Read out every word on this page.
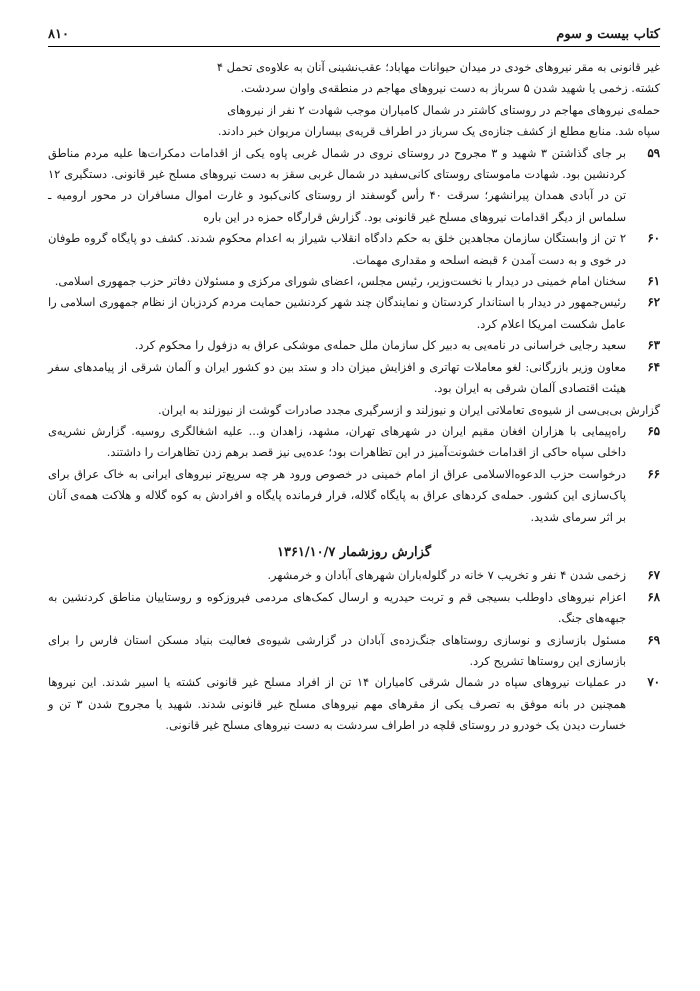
کتاب بیست و سوم
۸۱۰
غیر قانونی به مقر نیروهای خودی در میدان حیوانات مهاباد؛ عقب‌نشینی آنان به علاوه‌ی تحمل ۴
کشته. زخمی یا شهید شدن ۵ سرباز به دست نیروهای مهاجم در منطقه‌ی واوان سردشت.
حمله‌ی نیروهای مهاجم در روستای کاشتر در شمال کامیاران موجب شهادت ۲ نفر از نیروهای
سپاه شد. منابع مطلع از کشف جنازه‌ی یک سرباز در اطراف قریه‌ی بیساران مریوان خبر دادند.
۵۹
بر جای گذاشتن ۳ شهید و ۳ مجروح در روستای نروی در شمال غربی پاوه یکی از اقدامات دمکرات‌ها علیه مردم مناطق کردنشین بود. شهادت ماموستای روستای کانی‌سفید در شمال غربی سقز به دست نیروهای مسلح غیر قانونی. دستگیری ۱۲ تن در آبادی همدان پیرانشهر؛ سرقت ۴۰ رأس گوسفند از روستای کانی‌کبود و غارت اموال مسافران در محور ارومیه ـ سلماس از دیگر اقدامات نیروهای مسلح غیر قانونی بود. گزارش قرارگاه حمزه در این باره
۶۰
۲ تن از وابستگان سازمان مجاهدین خلق به حکم دادگاه انقلاب شیراز به اعدام محکوم شدند. کشف دو پایگاه گروه طوفان در خوی و به دست آمدن ۶ قبضه اسلحه و مقداری مهمات.
۶۱
سخنان امام خمینی در دیدار با نخست‌وزیر، رئیس مجلس، اعضای شورای مرکزی و مسئولان دفاتر حزب جمهوری اسلامی.
۶۲
رئیس‌جمهور در دیدار با استاندار کردستان و نمایندگان چند شهر کردنشین حمایت مردم کردزبان از نظام جمهوری اسلامی را عامل شکست امریکا اعلام کرد.
۶۳
سعید رجایی خراسانی در نامه‌یی به دبیر کل سازمان ملل حمله‌ی موشکی عراق به دزفول را محکوم کرد.
۶۴
معاون وزیر بازرگانی: لغو معاملات تهاتری و افزایش میزان داد و ستد بین دو کشور ایران و آلمان شرقی از پیامدهای سفر هیئت اقتصادی آلمان شرقی به ایران بود.
گزارش بی‌بی‌سی از شیوه‌ی تعاملاتی ایران و نیوزلند و ازسرگیری مجدد صادرات گوشت از نیوزلند به ایران.
۶۵
راه‌پیمایی با هزاران افغان مقیم ایران در شهرهای تهران، مشهد، زاهدان و... علیه اشغالگری روسیه. گزارش نشریه‌ی داخلی سپاه حاکی از اقدامات خشونت‌آمیز در این تظاهرات بود؛ عده‌یی نیز قصد برهم زدن تظاهرات را داشتند.
۶۶
درخواست حزب الدعوه‌الاسلامی عراق از امام خمینی در خصوص ورود هر چه سریع‌تر نیروهای ایرانی به خاک عراق برای پاک‌سازی این کشور. حمله‌ی کردهای عراق به پایگاه گلاله، فرار فرمانده پایگاه و افرادش به کوه گلاله و هلاکت همه‌ی آنان بر اثر سرمای شدید.
گزارش روزشمار ۱۳۶۱/۱۰/۷
۶۷
زخمی شدن ۴ نفر و تخریب ۷ خانه در گلوله‌باران شهرهای آبادان و خرمشهر.
۶۸
اعزام نیروهای داوطلب بسیجی قم و تربت حیدریه و ارسال کمک‌های مردمی فیروزکوه و روستاییان مناطق کردنشین به جبهه‌های جنگ.
۶۹
مسئول بازسازی و نوسازی روستاهای جنگ‌زده‌ی آبادان در گزارشی شیوه‌ی فعالیت بنیاد مسکن استان فارس را برای بازسازی این روستاها تشریح کرد.
۷۰
در عملیات نیروهای سپاه در شمال شرقی کامیاران ۱۴ تن از افراد مسلح غیر قانونی کشته یا اسیر شدند. این نیروها همچنین در بانه موفق به تصرف یکی از مقرهای مهم نیروهای مسلح غیر قانونی شدند. شهید یا مجروح شدن ۳ تن و خسارت دیدن یک خودرو در روستای قلچه در اطراف سردشت به دست نیروهای مسلح غیر قانونی.
